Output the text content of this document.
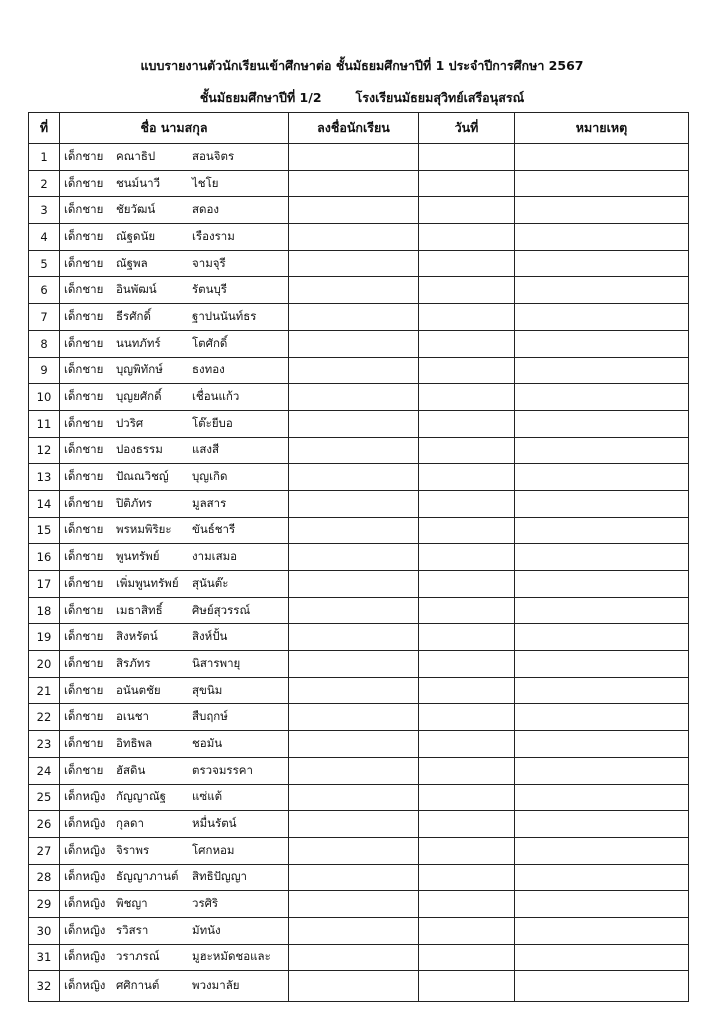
แบบรายงานตัวนักเรียนเข้าศึกษาต่อ ชั้นมัธยมศึกษาปีที่ 1 ประจำปีการศึกษา 2567
ชั้นมัธยมศึกษาปีที่ 1/2	โรงเรียนมัธยมสุวิทย์เสรีอนุสรณ์
ที่	ชื่อ นามสกุล	ลงชื่อนักเรียน	วันที่	หมายเหตุ
1	เด็กชาย คณาธิป สอนจิตร			
2	เด็กชาย ชนม์นาวี ไชโย			
3	เด็กชาย ชัยวัฒน์ สดอง			
4	เด็กชาย ณัฐดนัย เรืองราม			
5	เด็กชาย ณัฐพล จามจุรี			
6	เด็กชาย อินพัฒน์ รัตนบุรี			
7	เด็กชาย ธีรศักดิ์ ฐาปนนันท์ธร			
8	เด็กชาย นนทภัทร์ โตศักดิ์			
9	เด็กชาย บุญพิทักษ์ ธงทอง			
10	เด็กชาย บุญยศักดิ์ เชื่อนแก้ว			
11	เด็กชาย ปวริศ โต๊ะยีบอ			
12	เด็กชาย ปองธรรม แสงสี			
13	เด็กชาย ปัณณวิชญ์ บุญเกิด			
14	เด็กชาย ปิติภัทร มูลสาร			
15	เด็กชาย พรหมพิริยะ ขันธ์ชารี			
16	เด็กชาย พูนทรัพย์ งามเสมอ			
17	เด็กชาย เพิ่มพูนทรัพย์ สุนันต๊ะ			
18	เด็กชาย เมธาสิทธิ์ ศิษย์สุวรรณ์			
19	เด็กชาย สิงหรัตน์ สิงห์ปั้น			
20	เด็กชาย สิรภัทร นิสารพายุ			
21	เด็กชาย อนันตชัย สุขนิม			
22	เด็กชาย อเนชา สืบฤกษ์			
23	เด็กชาย อิทธิพล ชอมัน			
24	เด็กชาย ฮัสดิน ตรวจมรรคา			
25	เด็กหญิง กัญญาณัฐ แซ่แต้			
26	เด็กหญิง กุลดา หมื่นรัตน์			
27	เด็กหญิง จิราพร โศกหอม			
28	เด็กหญิง ธัญญาภานต์ สิทธิปัญญา			
29	เด็กหญิง พิชญา วรศิริ			
30	เด็กหญิง รวิสรา มัทนัง			
31	เด็กหญิง วราภรณ์ มูฮะหมัดชอและ			
32	เด็กหญิง ศศิกานต์ พวงมาลัย			
